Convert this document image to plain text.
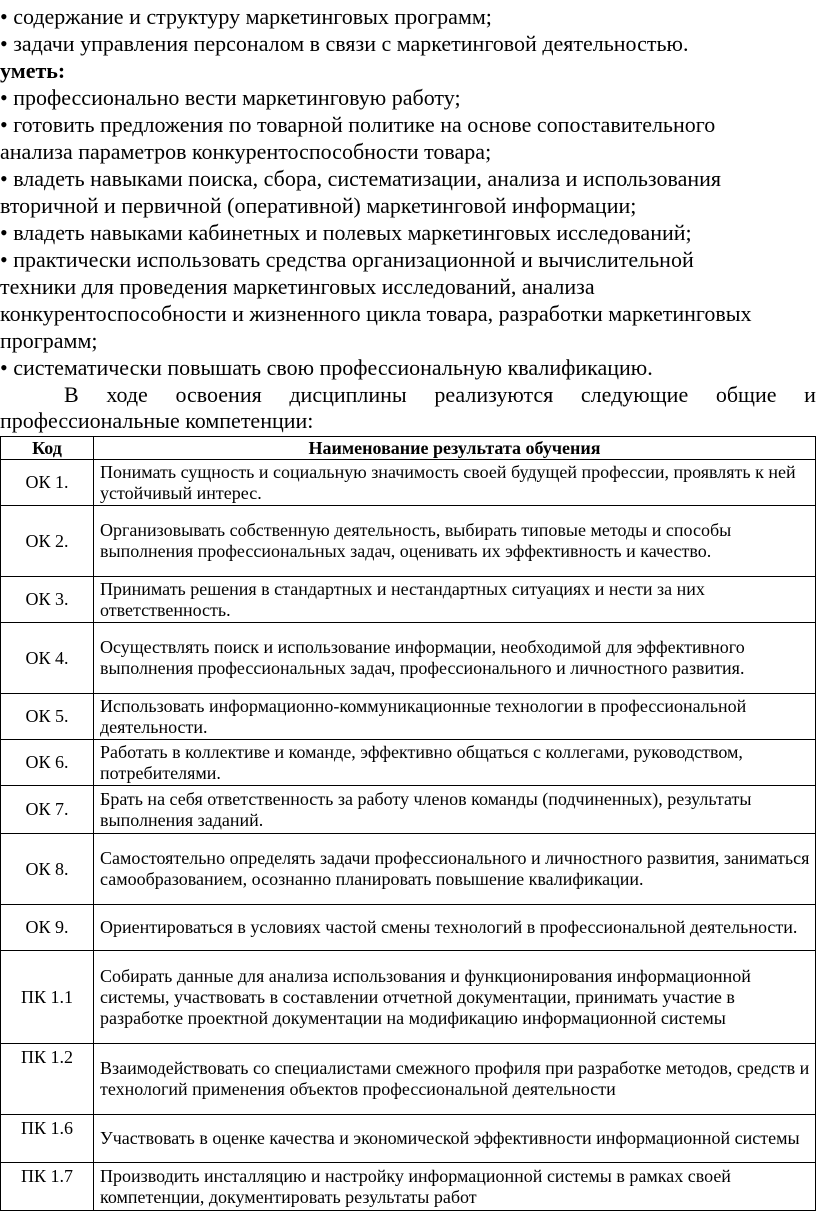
• содержание и структуру маркетинговых программ;
• задачи управления персоналом в связи с маркетинговой деятельностью.
уметь:
• профессионально вести маркетинговую работу;
• готовить предложения по товарной политике на основе сопоставительного
анализа параметров конкурентоспособности товара;
• владеть навыками поиска, сбора, систематизации, анализа и использования
вторичной и первичной (оперативной) маркетинговой информации;
• владеть навыками кабинетных и полевых маркетинговых исследований;
• практически использовать средства организационной и вычислительной
техники для проведения маркетинговых исследований, анализа
конкурентоспособности и жизненного цикла товара, разработки маркетинговых
программ;
• систематически повышать свою профессиональную квалификацию.
В ходе освоения дисциплины реализуются следующие общие и
профессиональные компетенции:
Код	Наименование результата обучения
ОК 1.	Понимать сущность и социальную значимость своей будущей профессии, проявлять к ней устойчивый интерес.
ОК 2.	Организовывать собственную деятельность, выбирать типовые методы и способы выполнения профессиональных задач, оценивать их эффективность и качество.
ОК 3.	Принимать решения в стандартных и нестандартных ситуациях и нести за них ответственность.
ОК 4.	Осуществлять поиск и использование информации, необходимой для эффективного выполнения профессиональных задач, профессионального и личностного развития.
ОК 5.	Использовать информационно-коммуникационные технологии в профессиональной деятельности.
ОК 6.	Работать в коллективе и команде, эффективно общаться с коллегами, руководством, потребителями.
ОК 7.	Брать на себя ответственность за работу членов команды (подчиненных), результаты выполнения заданий.
ОК 8.	Самостоятельно определять задачи профессионального и личностного развития, заниматься самообразованием, осознанно планировать повышение квалификации.
ОК 9.	Ориентироваться в условиях частой смены технологий в профессиональной деятельности.
ПК 1.1	Собирать данные для анализа использования и функционирования информационной системы, участвовать в составлении отчетной документации, принимать участие в разработке проектной документации на модификацию информационной системы
ПК 1.2	Взаимодействовать со специалистами смежного профиля при разработке методов, средств и технологий применения объектов профессиональной деятельности
ПК 1.6	Участвовать в оценке качества и экономической эффективности информационной системы
ПК 1.7	Производить инсталляцию и настройку информационной системы в рамках своей компетенции, документировать результаты работ
